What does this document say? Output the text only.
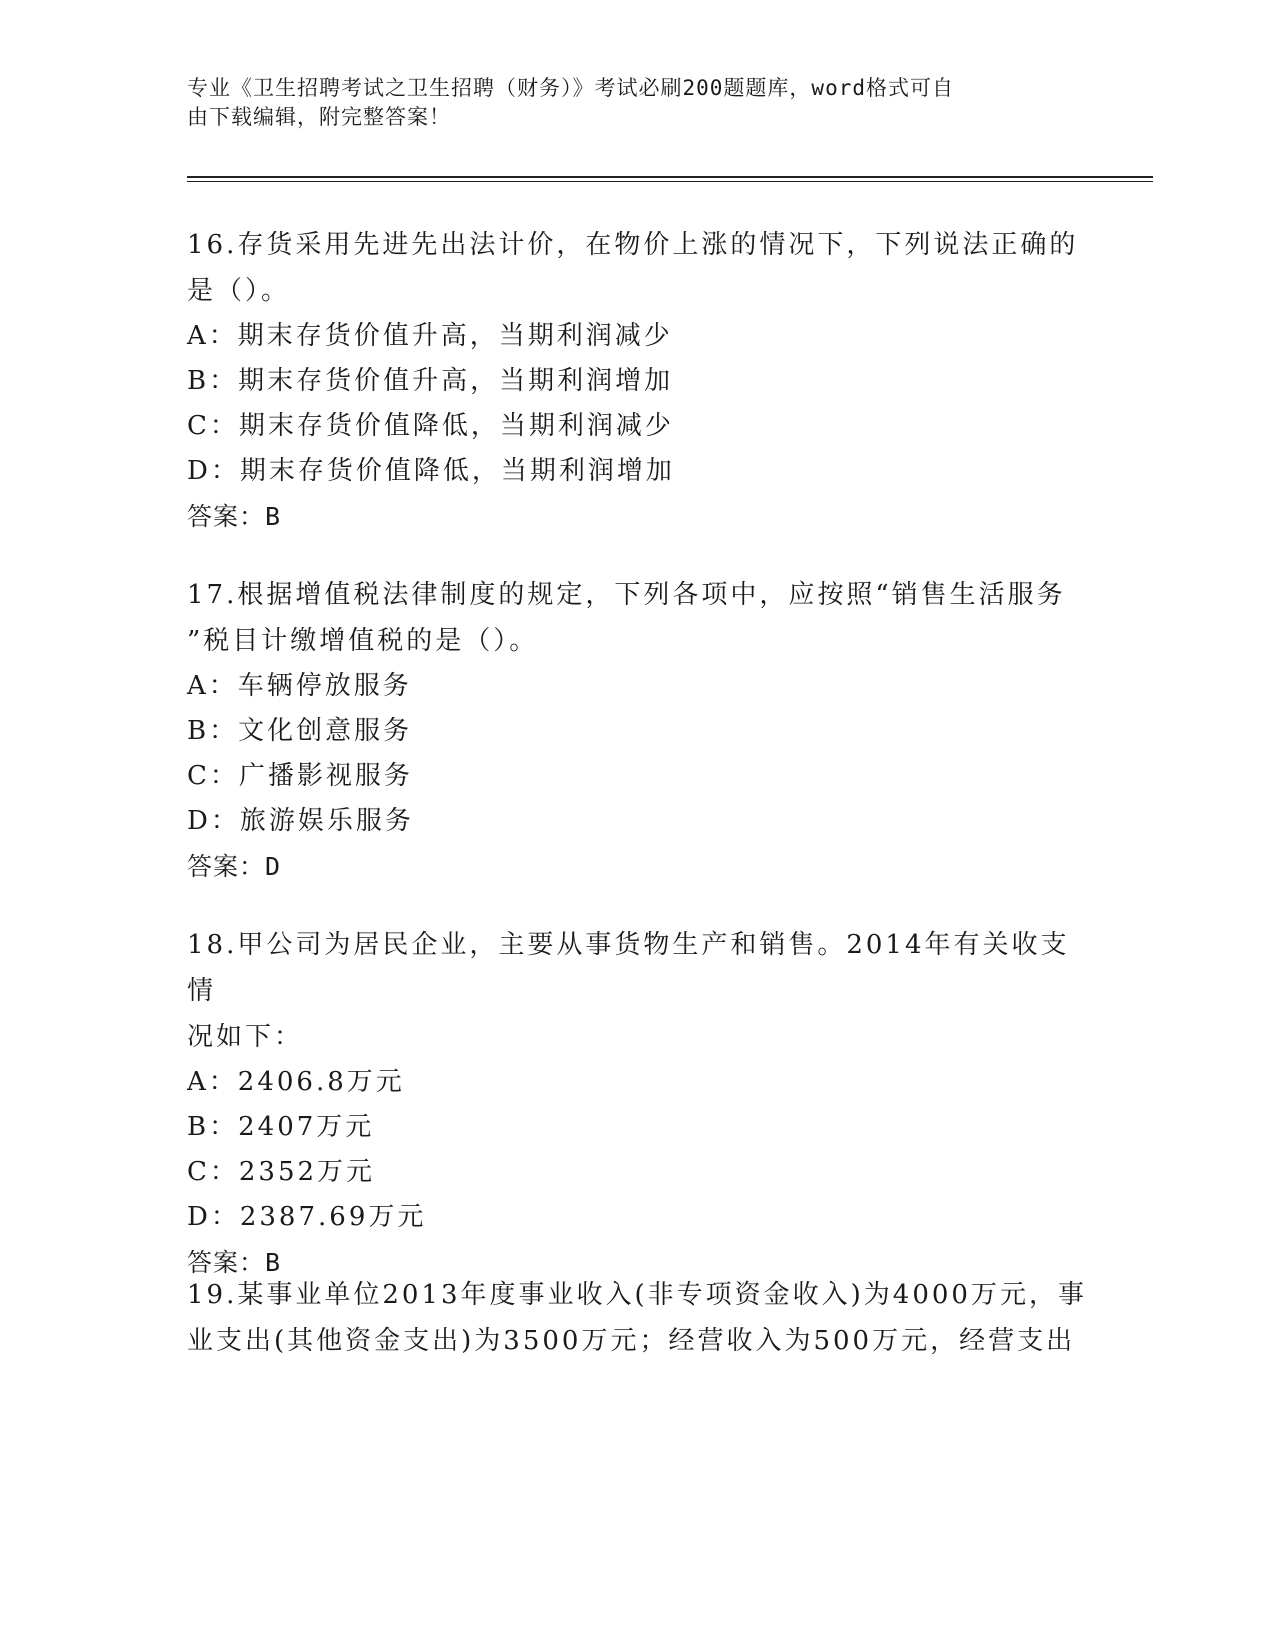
专业《卫生招聘考试之卫生招聘（财务）》考试必刷200题题库，word格式可自
由下载编辑，附完整答案！

16.存货采用先进先出法计价，在物价上涨的情况下，下列说法正确的

是（）。

A：期末存货价值升高，当期利润减少

B：期末存货价值升高，当期利润增加

C：期末存货价值降低，当期利润减少

D：期末存货价值降低，当期利润增加

答案：B

17.根据增值税法律制度的规定，下列各项中，应按照“销售生活服务

”税目计缴增值税的是（）。

A：车辆停放服务

B：文化创意服务

C：广播影视服务

D：旅游娱乐服务

答案：D

18.甲公司为居民企业，主要从事货物生产和销售。2014年有关收支情

况如下：

A：2406.8万元

B：2407万元

C：2352万元

D：2387.69万元

答案：B

19.某事业单位2013年度事业收入(非专项资金收入)为4000万元，事

业支出(其他资金支出)为3500万元；经营收入为500万元，经营支出
